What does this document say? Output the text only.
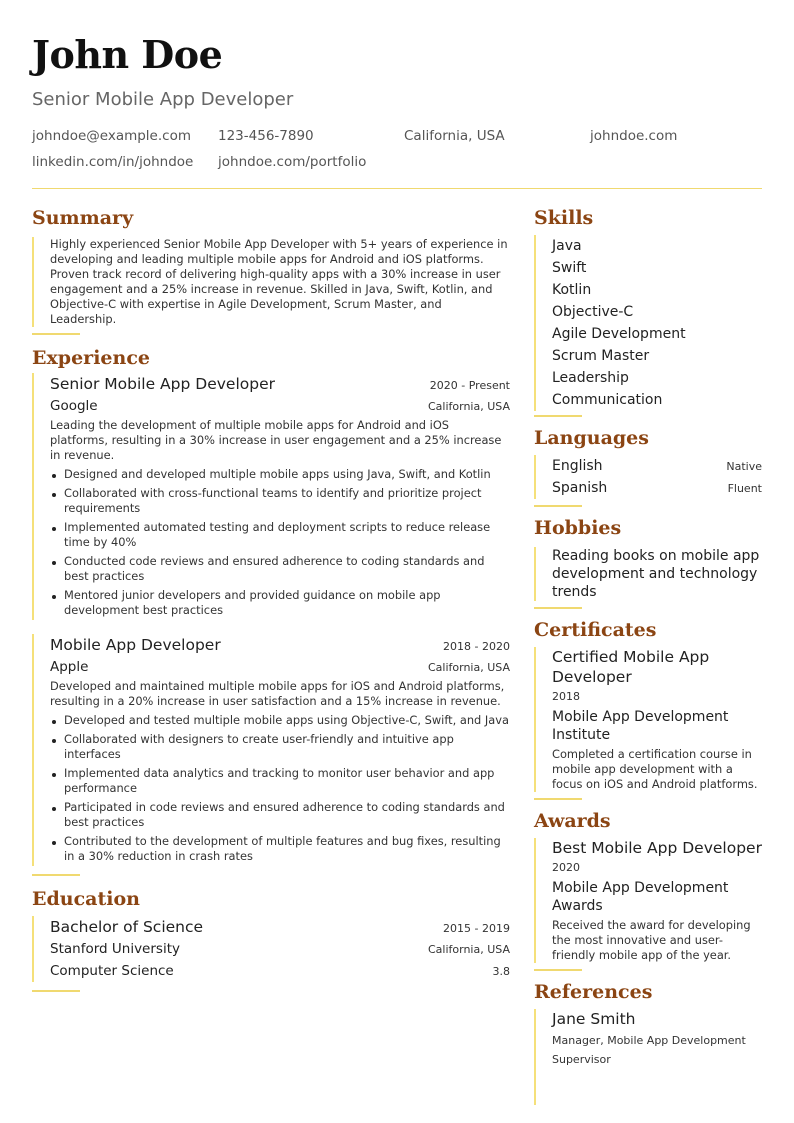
John Doe
Senior Mobile App Developer
johndoe@example.com	123-456-7890	California, USA	johndoe.com
linkedin.com/in/johndoe	johndoe.com/portfolio
Summary

Highly experienced Senior Mobile App Developer with 5+ years of experience in developing and leading multiple mobile apps for Android and iOS platforms. Proven track record of delivering high-quality apps with a 30% increase in user engagement and a 25% increase in revenue. Skilled in Java, Swift, Kotlin, and Objective-C with expertise in Agile Development, Scrum Master, and Leadership.

Experience
Senior Mobile App Developer	2020 - Present
Google	California, USA

Leading the development of multiple mobile apps for Android and iOS platforms, resulting in a 30% increase in user engagement and a 25% increase in revenue.

Designed and developed multiple mobile apps using Java, Swift, and Kotlin
Collaborated with cross-functional teams to identify and prioritize project requirements
Implemented automated testing and deployment scripts to reduce release time by 40%
Conducted code reviews and ensured adherence to coding standards and best practices
Mentored junior developers and provided guidance on mobile app development best practices
Mobile App Developer	2018 - 2020
Apple	California, USA

Developed and maintained multiple mobile apps for iOS and Android platforms, resulting in a 20% increase in user satisfaction and a 15% increase in revenue.

Developed and tested multiple mobile apps using Objective-C, Swift, and Java
Collaborated with designers to create user-friendly and intuitive app interfaces
Implemented data analytics and tracking to monitor user behavior and app performance
Participated in code reviews and ensured adherence to coding standards and best practices
Contributed to the development of multiple features and bug fixes, resulting in a 30% reduction in crash rates
Education
Bachelor of Science	2015 - 2019
Stanford University	California, USA
Computer Science	3.8
Skills
Java
Swift
Kotlin
Objective-C
Agile Development
Scrum Master
Leadership
Communication
Languages
English	Native
Spanish	Fluent
Hobbies
Reading books on mobile app development and technology trends
Certificates
Certified Mobile App Developer
2018
Mobile App Development Institute
Completed a certification course in mobile app development with a focus on iOS and Android platforms.
Awards
Best Mobile App Developer
2020
Mobile App Development Awards
Received the award for developing the most innovative and user-friendly mobile app of the year.
References
Jane Smith
Manager, Mobile App Development Supervisor
